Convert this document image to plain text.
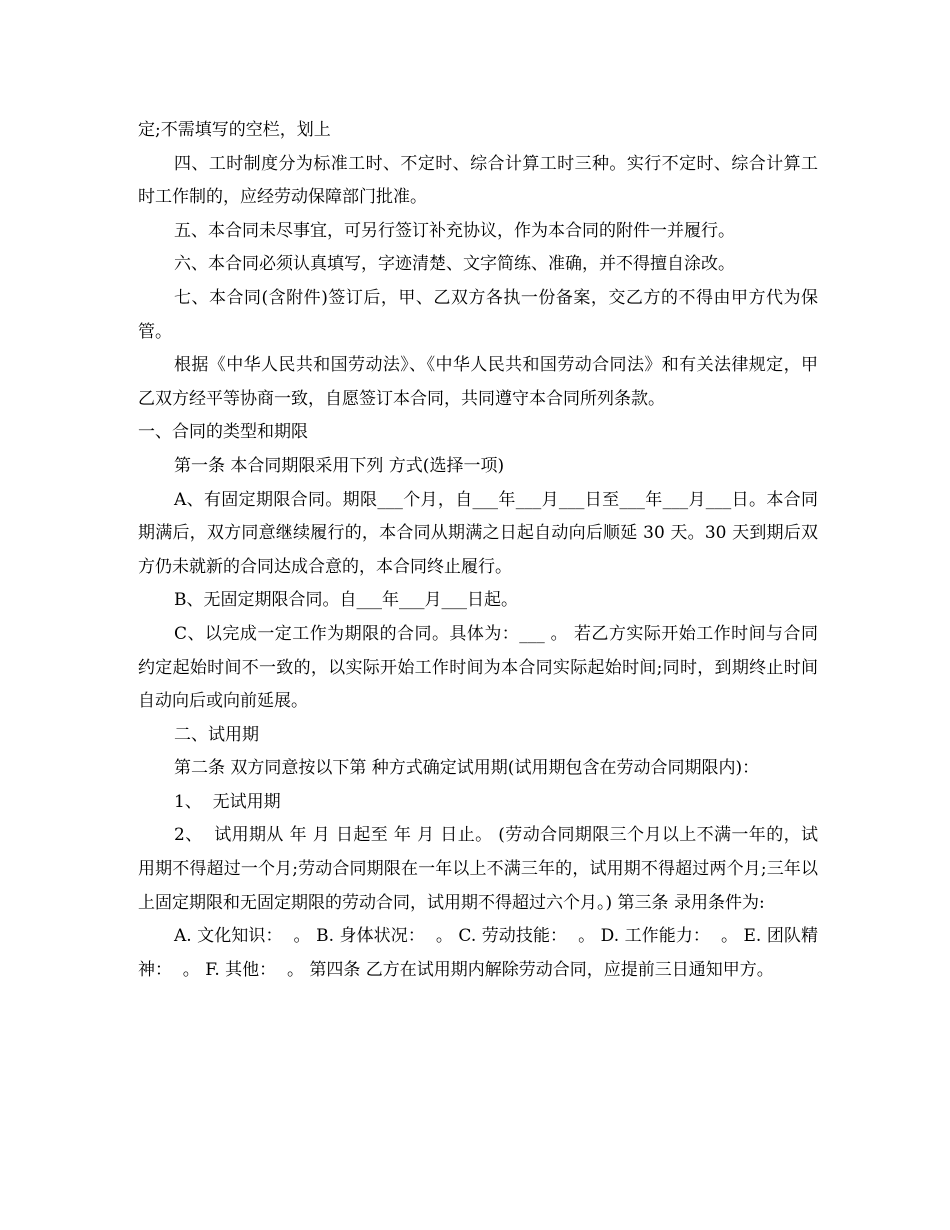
定;不需填写的空栏，划上

四、工时制度分为标准工时、不定时、综合计算工时三种。实行不定时、综合计算工时工作制的，应经劳动保障部门批准。

五、本合同未尽事宜，可另行签订补充协议，作为本合同的附件一并履行。

六、本合同必须认真填写，字迹清楚、文字简练、准确，并不得擅自涂改。

七、本合同(含附件)签订后，甲、乙双方各执一份备案，交乙方的不得由甲方代为保管。

根据《中华人民共和国劳动法》、《中华人民共和国劳动合同法》和有关法律规定，甲乙双方经平等协商一致，自愿签订本合同，共同遵守本合同所列条款。

一、合同的类型和期限

第一条 本合同期限采用下列 方式(选择一项)

A、有固定期限合同。期限___个月，自___年___月___日至___年___月___日。本合同期满后，双方同意继续履行的，本合同从期满之日起自动向后顺延 30 天。30 天到期后双方仍未就新的合同达成合意的，本合同终止履行。

B、无固定期限合同。自___年___月___日起。

C、以完成一定工作为期限的合同。具体为：___ 。 若乙方实际开始工作时间与合同约定起始时间不一致的，以实际开始工作时间为本合同实际起始时间;同时，到期终止时间自动向后或向前延展。

二、试用期

第二条 双方同意按以下第 种方式确定试用期(试用期包含在劳动合同期限内)：

1、  无试用期

2、  试用期从 年 月 日起至 年 月 日止。 (劳动合同期限三个月以上不满一年的，试用期不得超过一个月;劳动合同期限在一年以上不满三年的，试用期不得超过两个月;三年以上固定期限和无固定期限的劳动合同，试用期不得超过六个月。) 第三条 录用条件为:

A. 文化知识：  。 B. 身体状况：  。 C. 劳动技能：  。 D. 工作能力：  。 E. 团队精神：  。 F. 其他：  。 第四条 乙方在试用期内解除劳动合同，应提前三日通知甲方。
